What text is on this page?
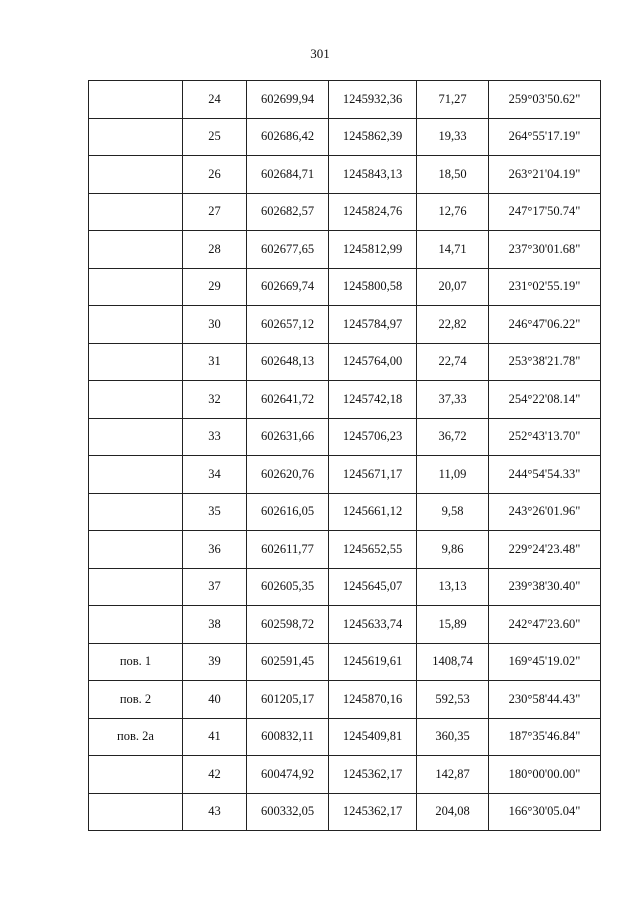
301
	24	602699,94	1245932,36	71,27	259°03'50.62"
	25	602686,42	1245862,39	19,33	264°55'17.19"
	26	602684,71	1245843,13	18,50	263°21'04.19"
	27	602682,57	1245824,76	12,76	247°17'50.74"
	28	602677,65	1245812,99	14,71	237°30'01.68"
	29	602669,74	1245800,58	20,07	231°02'55.19"
	30	602657,12	1245784,97	22,82	246°47'06.22"
	31	602648,13	1245764,00	22,74	253°38'21.78"
	32	602641,72	1245742,18	37,33	254°22'08.14"
	33	602631,66	1245706,23	36,72	252°43'13.70"
	34	602620,76	1245671,17	11,09	244°54'54.33"
	35	602616,05	1245661,12	9,58	243°26'01.96"
	36	602611,77	1245652,55	9,86	229°24'23.48"
	37	602605,35	1245645,07	13,13	239°38'30.40"
	38	602598,72	1245633,74	15,89	242°47'23.60"
пов. 1	39	602591,45	1245619,61	1408,74	169°45'19.02"
пов. 2	40	601205,17	1245870,16	592,53	230°58'44.43"
пов. 2а	41	600832,11	1245409,81	360,35	187°35'46.84"
	42	600474,92	1245362,17	142,87	180°00'00.00"
	43	600332,05	1245362,17	204,08	166°30'05.04"
